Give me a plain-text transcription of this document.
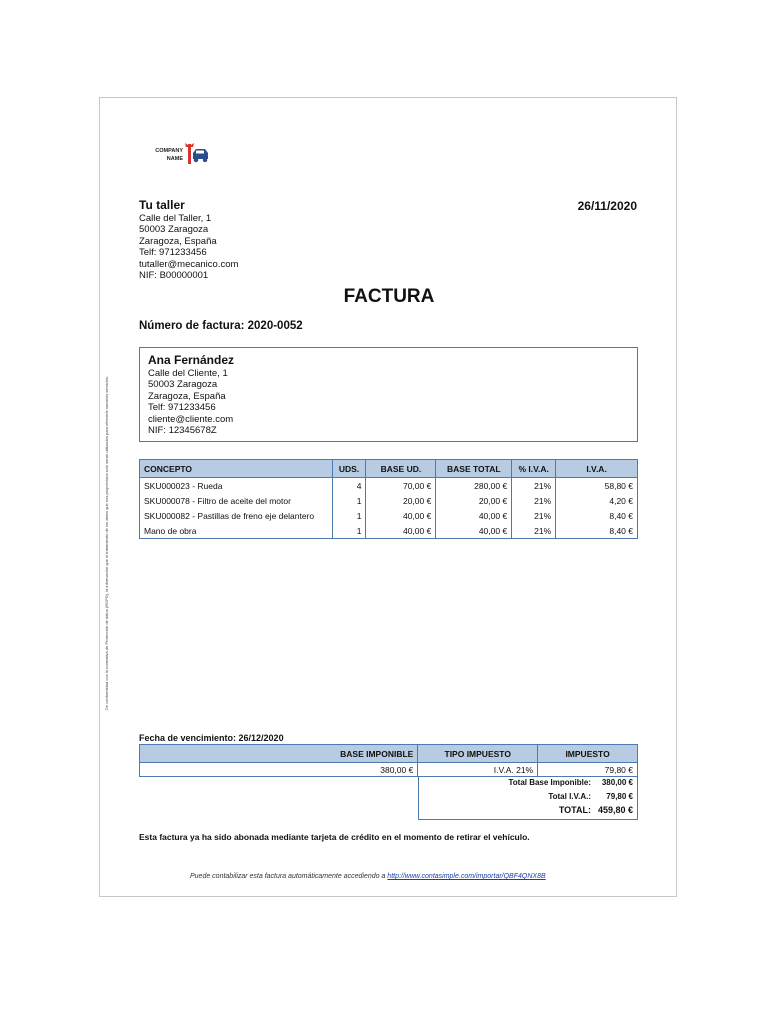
De conformidad con la normativa de Protección de datos (RGPD), la información que el tratamiento de los datos que nos proporciona solo serán utilizados para ofrecerle nuestros servicios.
COMPANY
NAME
Tu taller
Calle del Taller, 1
50003 Zaragoza
Zaragoza, España
Telf: 971233456
tutaller@mecanico.com
NIF: B00000001
26/11/2020
FACTURA
Número de factura: 2020-0052
Ana Fernández
Calle del Cliente, 1
50003 Zaragoza
Zaragoza, España
Telf: 971233456
cliente@cliente.com
NIF: 12345678Z
CONCEPTO	UDS.	BASE UD.	BASE TOTAL	% I.V.A.	I.V.A.
SKU000023 - Rueda	4	70,00 €	280,00 €	21%	58,80 €
SKU000078 - Filtro de aceite del motor	1	20,00 €	20,00 €	21%	4,20 €
SKU000082 - Pastillas de freno eje delantero	1	40,00 €	40,00 €	21%	8,40 €
Mano de obra	1	40,00 €	40,00 €	21%	8,40 €
Fecha de vencimiento: 26/12/2020
BASE IMPONIBLE	TIPO IMPUESTO	IMPUESTO
380,00 €	I.V.A. 21%	79,80 €
Total Base Imponible:	380,00 €
Total I.V.A.:	79,80 €
TOTAL: 459,80 €
Esta factura ya ha sido abonada mediante tarjeta de crédito en el momento de retirar el vehículo.
Puede contabilizar esta factura automáticamente accediendo a http://www.contasimple.com/importar/QBF4QNX8B
